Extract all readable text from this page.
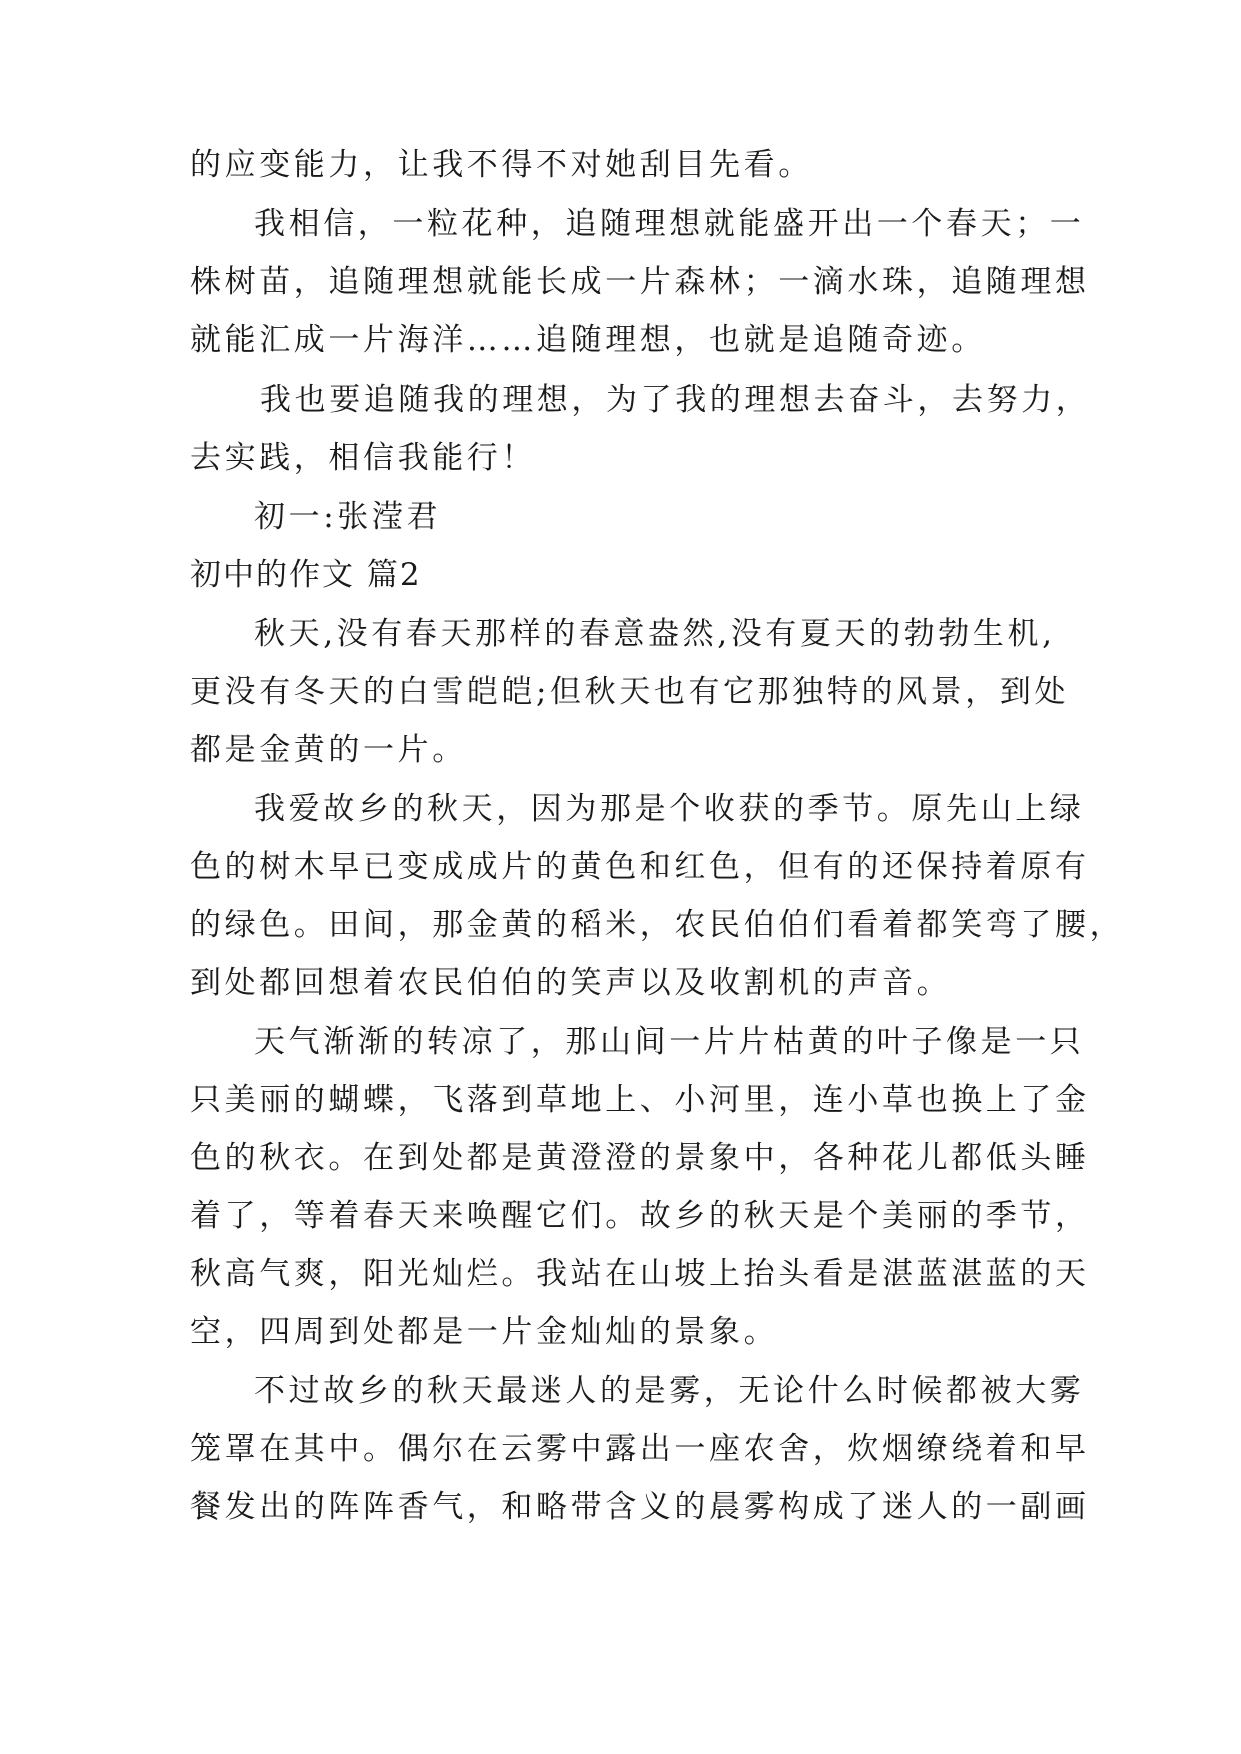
的应变能力，让我不得不对她刮目先看。
我相信，一粒花种，追随理想就能盛开出一个春天；一
株树苗，追随理想就能长成一片森林；一滴水珠，追随理想
就能汇成一片海洋……追随理想，也就是追随奇迹。
我也要追随我的理想，为了我的理想去奋斗，去努力，
去实践，相信我能行！
初一:张滢君
初中的作文 篇2
秋天,没有春天那样的春意盎然,没有夏天的勃勃生机,
更没有冬天的白雪皑皑;但秋天也有它那独特的风景，到处
都是金黄的一片。
我爱故乡的秋天，因为那是个收获的季节。原先山上绿
色的树木早已变成成片的黄色和红色，但有的还保持着原有
的绿色。田间，那金黄的稻米，农民伯伯们看着都笑弯了腰，
到处都回想着农民伯伯的笑声以及收割机的声音。
天气渐渐的转凉了，那山间一片片枯黄的叶子像是一只
只美丽的蝴蝶，飞落到草地上、小河里，连小草也换上了金
色的秋衣。在到处都是黄澄澄的景象中，各种花儿都低头睡
着了，等着春天来唤醒它们。故乡的秋天是个美丽的季节，
秋高气爽，阳光灿烂。我站在山坡上抬头看是湛蓝湛蓝的天
空，四周到处都是一片金灿灿的景象。
不过故乡的秋天最迷人的是雾，无论什么时候都被大雾
笼罩在其中。偶尔在云雾中露出一座农舍，炊烟缭绕着和早
餐发出的阵阵香气，和略带含义的晨雾构成了迷人的一副画
